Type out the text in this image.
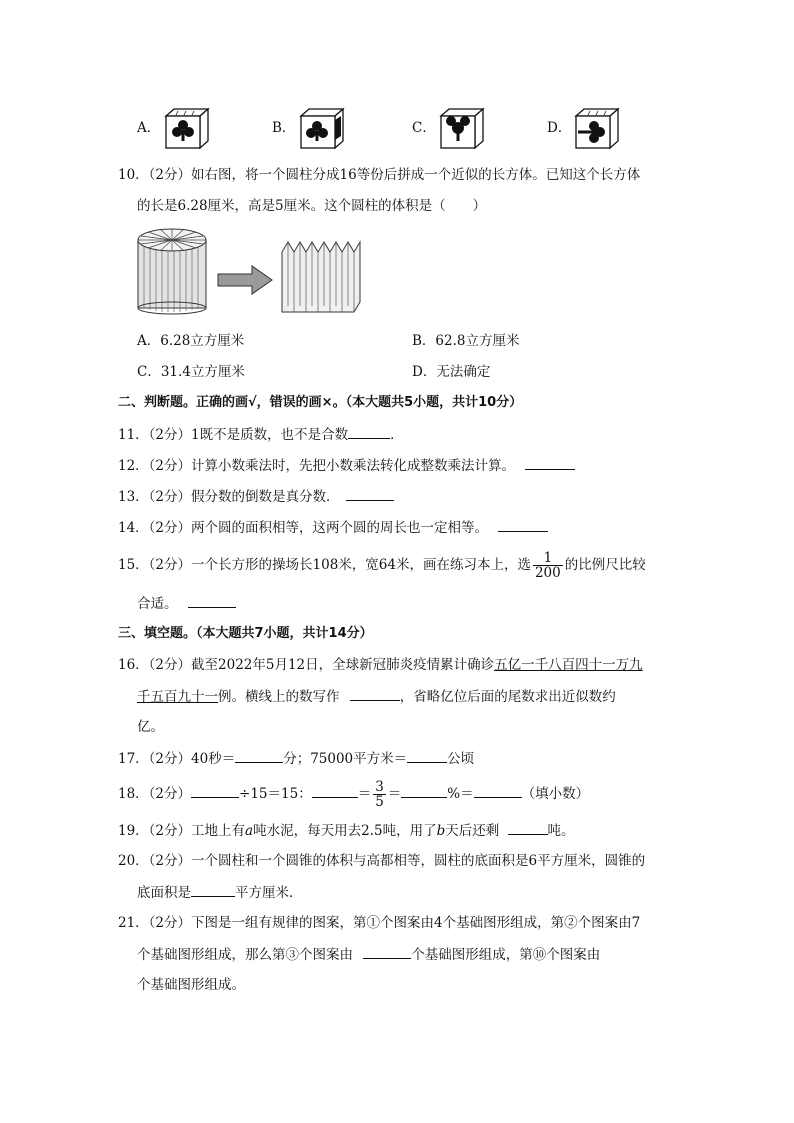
A．	B．	C．	D．
10．（2分）如右图，将一个圆柱分成16等份后拼成一个近似的长方体。已知这个长方体
的长是6.28厘米，高是5厘米。这个圆柱的体积是（　　）
A．6.28立方厘米	B．62.8立方厘米
C．31.4立方厘米	D．无法确定
二、判断题。正确的画√，错误的画×。（本大题共5小题，共计10分）
11．（2分）1既不是质数，也不是合数	．
12．（2分）计算小数乘法时，先把小数乘法转化成整数乘法计算。
13．（2分）假分数的倒数是真分数．
14．（2分）两个圆的面积相等，这两个圆的周长也一定相等。
15．（2分）一个长方形的操场长108米，宽64米，画在练习本上，选 $\frac{1}{200}$ 的比例尺比较
合适。
三、填空题。（本大题共7小题，共计14分）
16．（2分）截至2022年5月12日，全球新冠肺炎疫情累计确诊五亿一千八百四十一万九
千五百九十一例。横线上的数写作	，省略亿位后面的尾数求出近似数约
亿。
17．（2分）40秒＝	分；75000平方米＝	公顷
18．（2分）	÷15＝15：	＝ $\frac{3}{5}$ ＝	%＝	（填小数）
19．（2分）工地上有a吨水泥，每天用去2.5吨，用了b天后还剩	吨。
20．（2分）一个圆柱和一个圆锥的体积与高都相等，圆柱的底面积是6平方厘米，圆锥的
底面积是	平方厘米．
21．（2分）下图是一组有规律的图案，第①个图案由4个基础图形组成，第②个图案由7
个基础图形组成，那么第③个图案由	个基础图形组成，第⑩个图案由
个基础图形组成。
